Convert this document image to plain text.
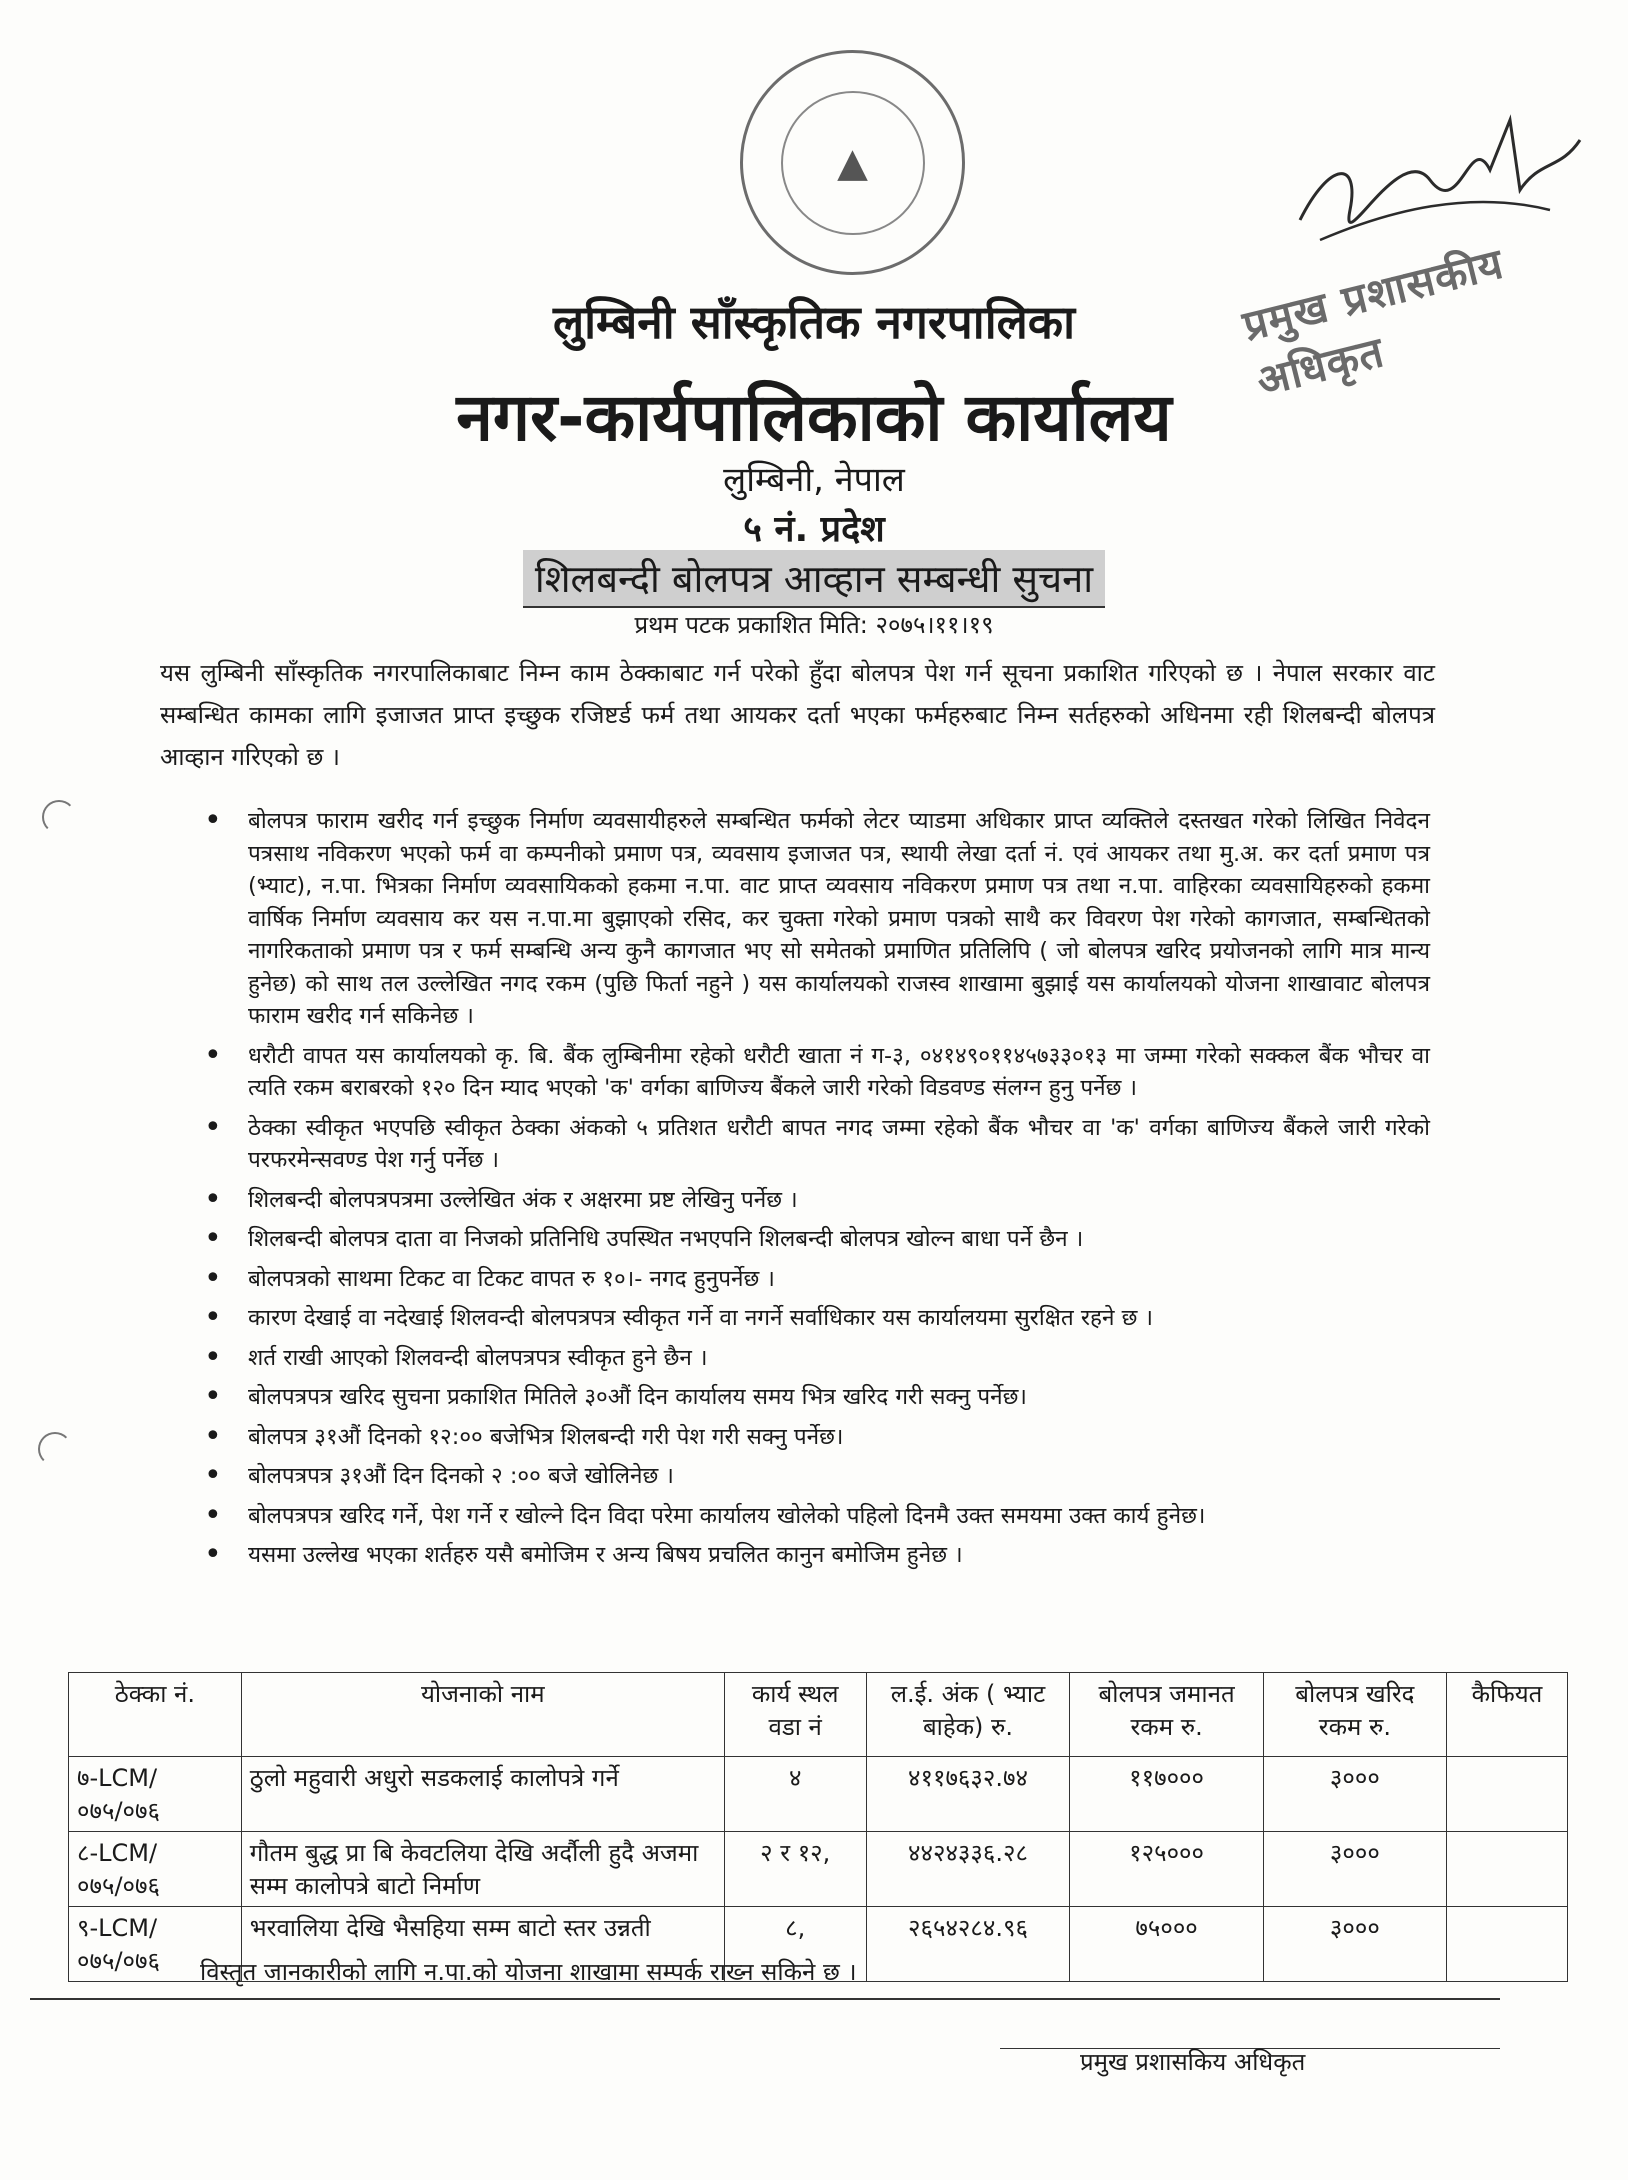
▲
प्रमुख प्रशासकीय अधिकृत
लुम्बिनी साँस्कृतिक नगरपालिका
नगर-कार्यपालिकाको कार्यालय
लुम्बिनी, नेपाल
५ नं. प्रदेश
शिलबन्दी बोलपत्र आव्हान सम्बन्धी सुचना
प्रथम पटक प्रकाशित मिति: २०७५।११।१९
यस लुम्बिनी साँस्कृतिक नगरपालिकाबाट निम्न काम ठेक्काबाट गर्न परेको हुँदा बोलपत्र पेश गर्न सूचना प्रकाशित गरिएको छ । नेपाल सरकार वाट सम्बन्धित कामका लागि इजाजत प्राप्त इच्छुक रजिष्टर्ड फर्म तथा आयकर दर्ता भएका फर्महरुबाट निम्न सर्तहरुको अधिनमा रही शिलबन्दी बोलपत्र आव्हान गरिएको छ ।
• बोलपत्र फाराम खरीद गर्न इच्छुक निर्माण व्यवसायीहरुले सम्बन्धित फर्मको लेटर प्याडमा अधिकार प्राप्त व्यक्तिले दस्तखत गरेको लिखित निवेदन पत्रसाथ नविकरण भएको फर्म वा कम्पनीको प्रमाण पत्र, व्यवसाय इजाजत पत्र, स्थायी लेखा दर्ता नं. एवं आयकर तथा मु.अ. कर दर्ता प्रमाण पत्र (भ्याट), न.पा. भित्रका निर्माण व्यवसायिकको हकमा न.पा. वाट प्राप्त व्यवसाय नविकरण प्रमाण पत्र तथा न.पा. वाहिरका व्यवसायिहरुको हकमा वार्षिक निर्माण व्यवसाय कर यस न.पा.मा बुझाएको रसिद, कर चुक्ता गरेको प्रमाण पत्रको साथै कर विवरण पेश गरेको कागजात, सम्बन्धितको नागरिकताको प्रमाण पत्र र फर्म सम्बन्धि अन्य कुनै कागजात भए सो समेतको प्रमाणित प्रतिलिपि ( जो बोलपत्र खरिद प्रयोजनको लागि मात्र मान्य हुनेछ) को साथ तल उल्लेखित नगद रकम (पुछि फिर्ता नहुने ) यस कार्यालयको राजस्व शाखामा बुझाई यस कार्यालयको योजना शाखावाट बोलपत्र फाराम खरीद गर्न सकिनेछ ।
• धरौटी वापत यस कार्यालयको कृ. बि. बैंक लुम्बिनीमा रहेको धरौटी खाता नं ग-३, ०४१४९०११४५७३३०१३ मा जम्मा गरेको सक्कल बैंक भौचर वा त्यति रकम बराबरको १२० दिन म्याद भएको 'क' वर्गका बाणिज्य बैंकले जारी गरेको विडवण्ड संलग्न हुनु पर्नेछ ।
• ठेक्का स्वीकृत भएपछि स्वीकृत ठेक्का अंकको ५ प्रतिशत धरौटी बापत नगद जम्मा रहेको बैंक भौचर वा 'क' वर्गका बाणिज्य बैंकले जारी गरेको परफरमेन्सवण्ड पेश गर्नु पर्नेछ ।
• शिलबन्दी बोलपत्रपत्रमा उल्लेखित अंक र अक्षरमा प्रष्ट लेखिनु पर्नेछ ।
• शिलबन्दी बोलपत्र दाता वा निजको प्रतिनिधि उपस्थित नभएपनि शिलबन्दी बोलपत्र खोल्न बाधा पर्ने छैन ।
• बोलपत्रको साथमा टिकट वा टिकट वापत रु १०।- नगद हुनुपर्नेछ ।
• कारण देखाई वा नदेखाई शिलवन्दी बोलपत्रपत्र स्वीकृत गर्ने वा नगर्ने सर्वाधिकार यस कार्यालयमा सुरक्षित रहने छ ।
• शर्त राखी आएको शिलवन्दी बोलपत्रपत्र स्वीकृत हुने छैन ।
• बोलपत्रपत्र खरिद सुचना प्रकाशित मितिले ३०औं दिन कार्यालय समय भित्र खरिद गरी सक्नु पर्नेछ।
• बोलपत्र ३१औं दिनको १२:०० बजेभित्र शिलबन्दी गरी पेश गरी सक्नु पर्नेछ।
• बोलपत्रपत्र ३१औं दिन दिनको २ :०० बजे खोलिनेछ ।
• बोलपत्रपत्र खरिद गर्ने, पेश गर्ने र खोल्ने दिन विदा परेमा कार्यालय खोलेको पहिलो दिनमै उक्त समयमा उक्त कार्य हुनेछ।
• यसमा उल्लेख भएका शर्तहरु यसै बमोजिम र अन्य बिषय प्रचलित कानुन बमोजिम हुनेछ ।
ठेक्का नं.	योजनाको नाम	कार्य स्थल वडा नं	ल.ई. अंक ( भ्याट बाहेक) रु.	बोलपत्र जमानत रकम रु.	बोलपत्र खरिद रकम रु.	कैफियत
७-LCM/०७५/०७६	ठुलो महुवारी अधुरो सडकलाई कालोपत्रे गर्ने	४	४११७६३२.७४	११७०००	३०००	
८-LCM/०७५/०७६	गौतम बुद्ध प्रा बि केवटलिया देखि अर्दौली हुदै अजमा सम्म कालोपत्रे बाटो निर्माण	२ र १२,	४४२४३३६.२८	१२५०००	३०००	
९-LCM/०७५/०७६	भरवालिया देखि भैसहिया सम्म बाटो स्तर उन्नती	८,	२६५४२८४.९६	७५०००	३०००	
विस्तृत जानकारीको लागि न.पा.को योजना शाखामा सम्पर्क राख्न सकिने छ ।
प्रमुख प्रशासकिय अधिकृत
